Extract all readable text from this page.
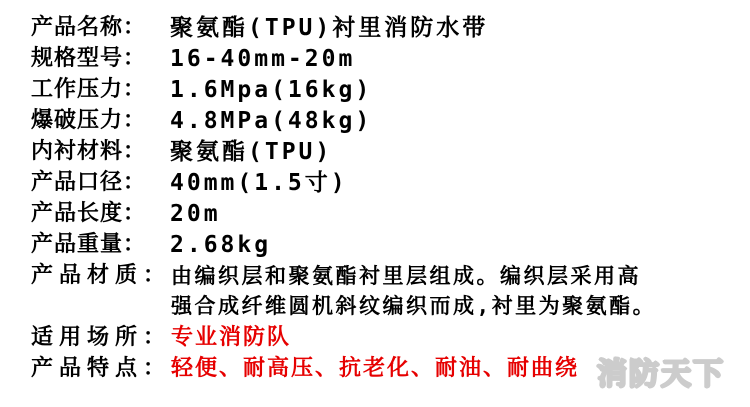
产品名称：	聚氨酯(TPU)衬里消防水带
规格型号：	16-40mm-20m
工作压力：	1.6Mpa(16kg)
爆破压力：	4.8MPa(48kg)
内衬材料：	聚氨酯(TPU)
产品口径：	40mm(1.5寸)
产品长度：	20m
产品重量：	2.68kg
产品材质： 由编织层和聚氨酯衬里层组成。编织层采用高
强合成纤维圆机斜纹编织而成,衬里为聚氨酯。
适用场所： 专业消防队
产品特点： 轻便、耐高压、抗老化、耐油、耐曲绕 消防天下
